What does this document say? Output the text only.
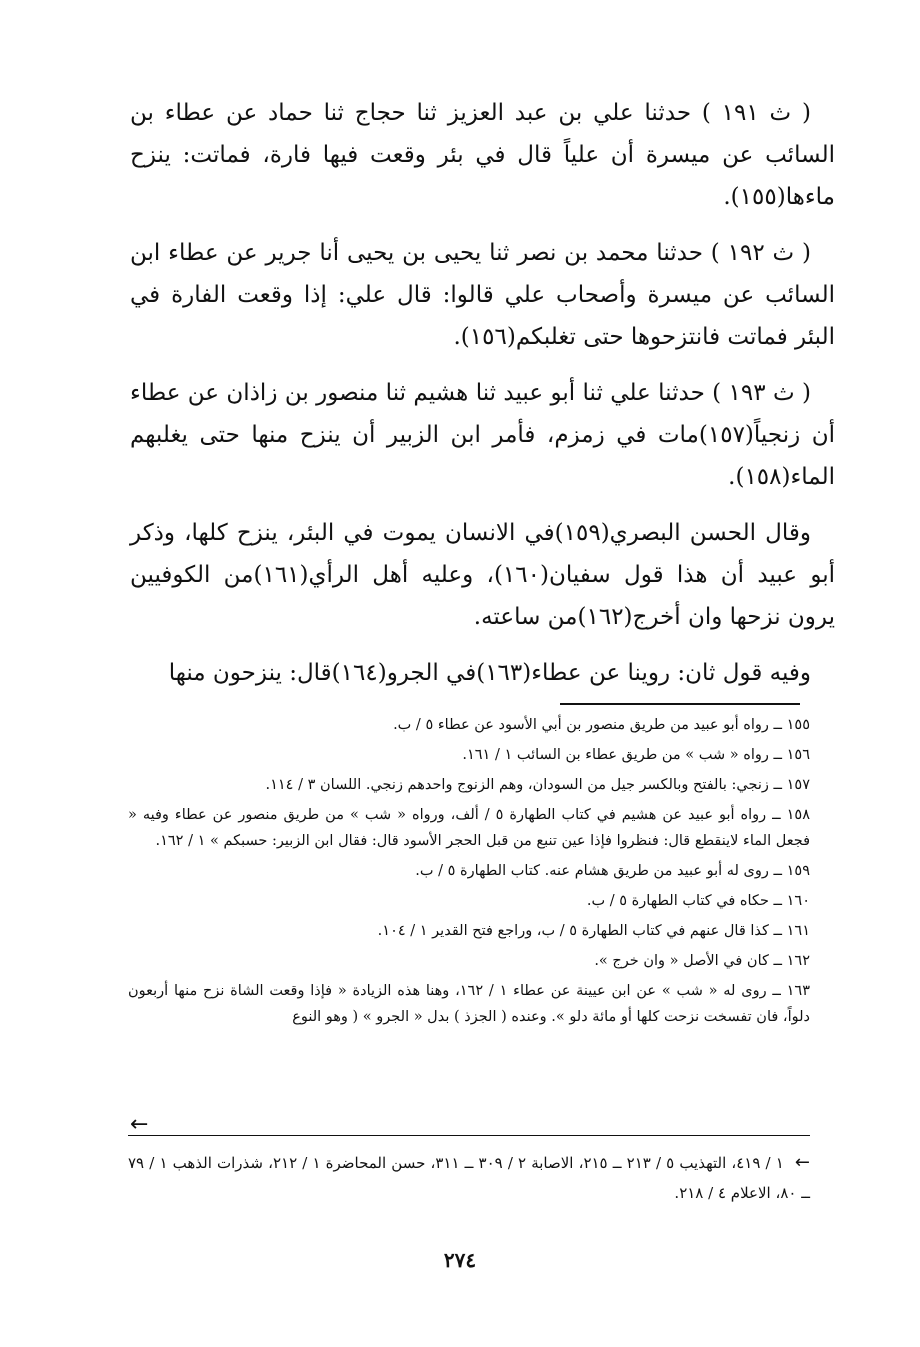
( ث ١٩١ ) حدثنا علي بن عبد العزيز ثنا حجاج ثنا حماد عن عطاء بن السائب عن ميسرة أن علياً قال في بئر وقعت فيها فارة، فماتت: ينزح ماءها(١٥٥).

( ث ١٩٢ ) حدثنا محمد بن نصر ثنا يحيى بن يحيى أنا جرير عن عطاء ابن السائب عن ميسرة وأصحاب علي قالوا: قال علي: إذا وقعت الفارة في البئر فماتت فانتزحوها حتى تغلبكم(١٥٦).

( ث ١٩٣ ) حدثنا علي ثنا أبو عبيد ثنا هشيم ثنا منصور بن زاذان عن عطاء أن زنجياً(١٥٧)مات في زمزم، فأمر ابن الزبير أن ينزح منها حتى يغلبهم الماء(١٥٨).

وقال الحسن البصري(١٥٩)في الانسان يموت في البئر، ينزح كلها، وذكر أبو عبيد أن هذا قول سفيان(١٦٠)، وعليه أهل الرأي(١٦١)من الكوفيين يرون نزحها وان أخرج(١٦٢)من ساعته.

وفيه قول ثان: روينا عن عطاء(١٦٣)في الجرو(١٦٤)قال: ينزحون منها

١٥٥ ــ رواه أبو عبيد من طريق منصور بن أبي الأسود عن عطاء ٥ / ب.
١٥٦ ــ رواه « شب » من طريق عطاء بن السائب ١ / ١٦١.
١٥٧ ــ زنجي: بالفتح وبالكسر جيل من السودان، وهم الزنوج واحدهم زنجي. اللسان ٣ / ١١٤.
١٥٨ ــ رواه أبو عبيد عن هشيم في كتاب الطهارة ٥ / ألف، ورواه « شب » من طريق منصور عن عطاء وفيه « فجعل الماء لاينقطع قال: فنظروا فإذا عين تنبع من قبل الحجر الأسود قال: فقال ابن الزبير: حسبكم » ١ / ١٦٢.
١٥٩ ــ روى له أبو عبيد من طريق هشام عنه. كتاب الطهارة ٥ / ب.
١٦٠ ــ حكاه في كتاب الطهارة ٥ / ب.
١٦١ ــ كذا قال عنهم في كتاب الطهارة ٥ / ب، وراجع فتح القدير ١ / ١٠٤.
١٦٢ ــ كان في الأصل « وان خرج ».
١٦٣ ــ روى له « شب » عن ابن عيينة عن عطاء ١ / ١٦٢، وهنا هذه الزيادة « فإذا وقعت الشاة نزح منها أربعون دلواً، فان تفسخت نزحت كلها أو مائة دلو ». وعنده ( الجزذ ) بدل « الجرو » ( وهو النوع
←
← ١ / ٤١٩، التهذيب ٥ / ٢١٣ ــ ٢١٥، الاصابة ٢ / ٣٠٩ ــ ٣١١، حسن المحاضرة ١ / ٢١٢، شذرات الذهب ١ / ٧٩ ــ ٨٠، الاعلام ٤ / ٢١٨.
٢٧٤
